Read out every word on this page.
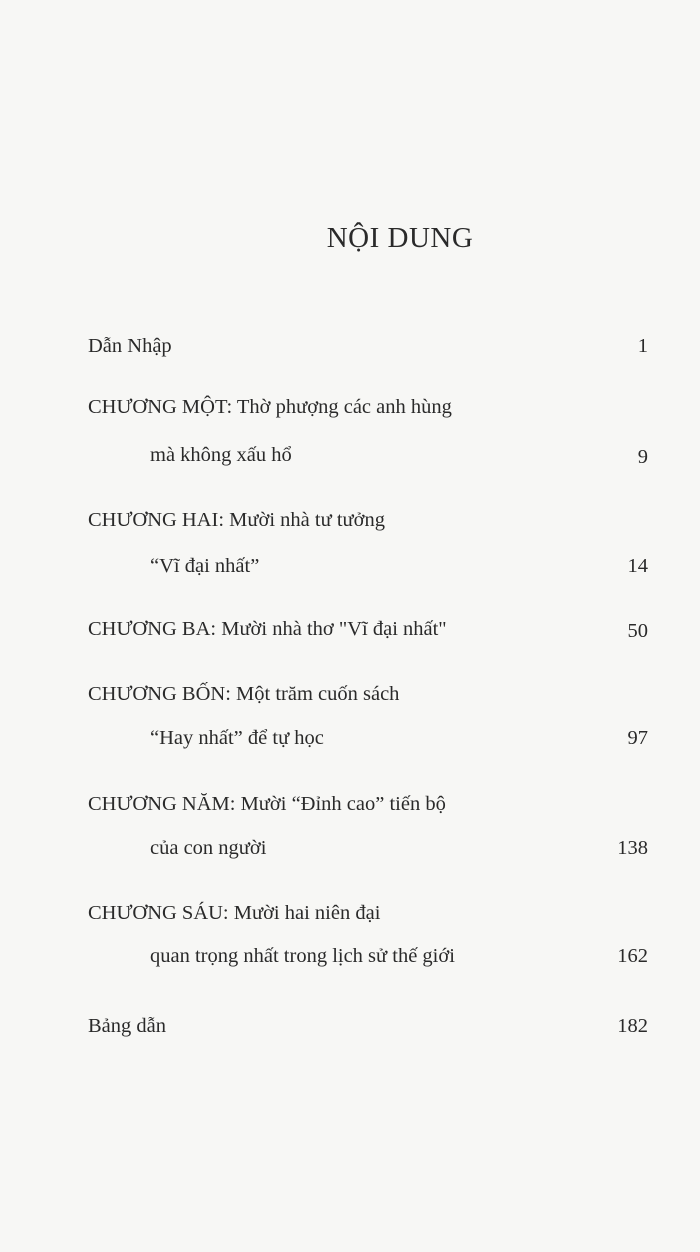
NỘI DUNG
Dẫn Nhập	1
CHƯƠNG MỘT: Thờ phượng các anh hùng
mà không xấu hổ	9
CHƯƠNG HAI: Mười nhà tư tưởng
“Vĩ đại nhất”	14
CHƯƠNG BA: Mười nhà thơ "Vĩ đại nhất"	50
CHƯƠNG BỐN: Một trăm cuốn sách
“Hay nhất” để tự học	97
CHƯƠNG NĂM: Mười “Đỉnh cao” tiến bộ
của con người	138
CHƯƠNG SÁU: Mười hai niên đại
quan trọng nhất trong lịch sử thế giới	162
Bảng dẫn	182
